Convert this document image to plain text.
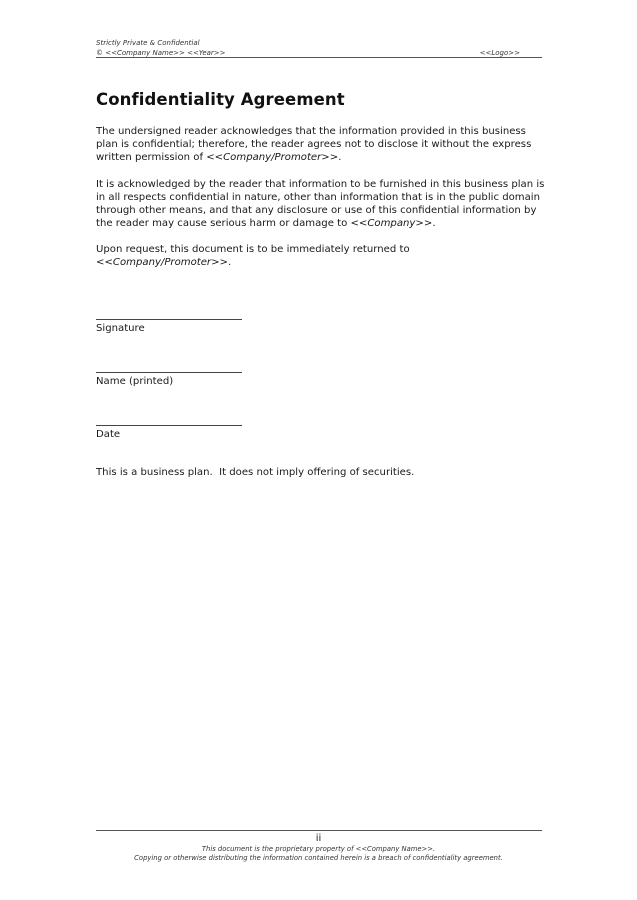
Strictly Private & Confidential
© <<Company Name>> <<Year>>	<<Logo>>
Confidentiality Agreement

The undersigned reader acknowledges that the information provided in this business plan is confidential; therefore, the reader agrees not to disclose it without the express written permission of <<Company/Promoter>>.

It is acknowledged by the reader that information to be furnished in this business plan is in all respects confidential in nature, other than information that is in the public domain through other means, and that any disclosure or use of this confidential information by the reader may cause serious harm or damage to <<Company>>.

Upon request, this document is to be immediately returned to
<<Company/Promoter>>.

Signature
Name (printed)
Date

This is a business plan.  It does not imply offering of securities.

ii
This document is the proprietary property of <<Company Name>>.
Copying or otherwise distributing the information contained herein is a breach of confidentiality agreement.
